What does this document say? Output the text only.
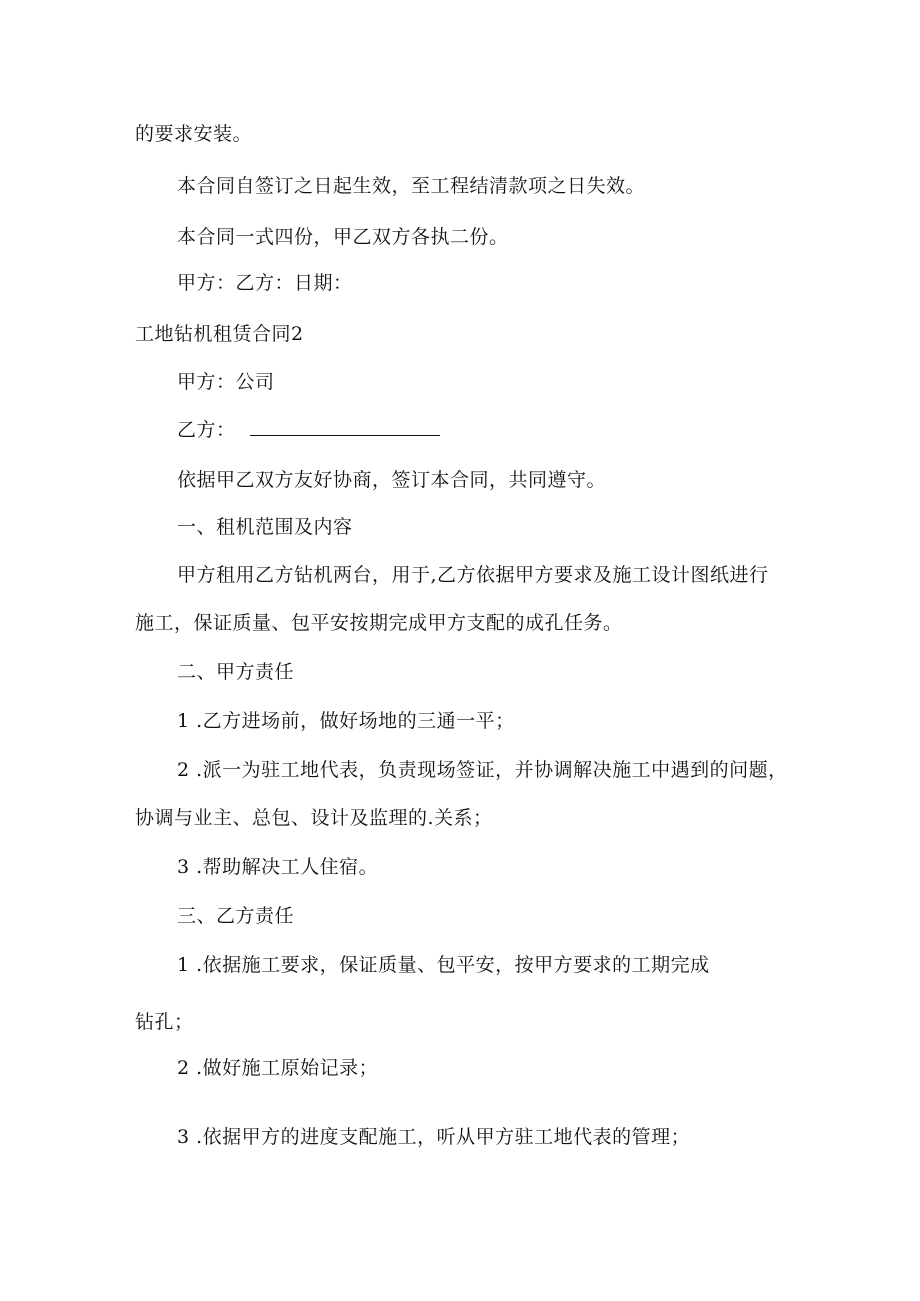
的要求安装。
本合同自签订之日起生效，至工程结清款项之日失效。
本合同一式四份，甲乙双方各执二份。
甲方：乙方：日期：
工地钻机租赁合同2
甲方：公司
乙方：
依据甲乙双方友好协商，签订本合同，共同遵守。
一、租机范围及内容
甲方租用乙方钻机两台，用于,乙方依据甲方要求及施工设计图纸进行
施工，保证质量、包平安按期完成甲方支配的成孔任务。
二、甲方责任
1 .乙方进场前，做好场地的三通一平；
2 .派一为驻工地代表，负责现场签证，并协调解决施工中遇到的问题，
协调与业主、总包、设计及监理的.关系；
3 .帮助解决工人住宿。
三、乙方责任
1 .依据施工要求，保证质量、包平安，按甲方要求的工期完成
钻孔；
2 .做好施工原始记录；
3 .依据甲方的进度支配施工，听从甲方驻工地代表的管理；
